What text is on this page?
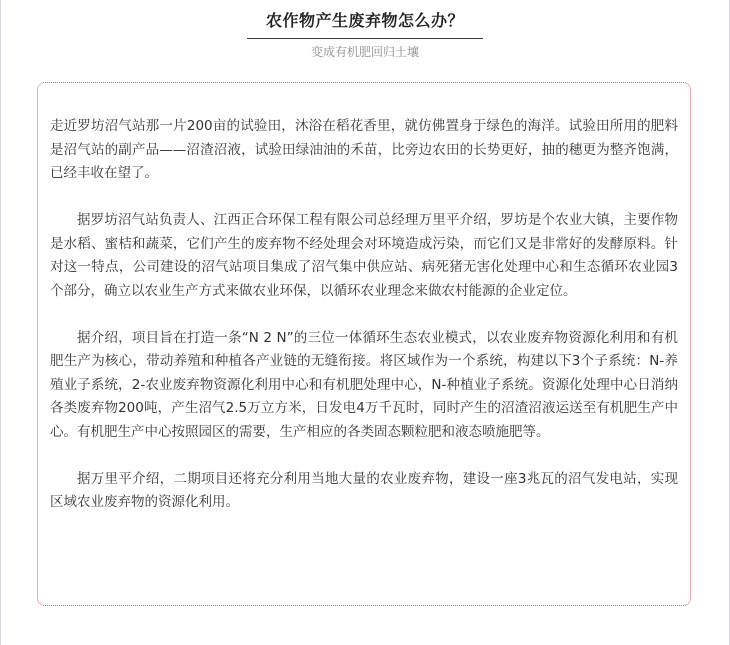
农作物产生废弃物怎么办？
变成有机肥回归土壤

走近罗坊沼气站那一片200亩的试验田，沐浴在稻花香里，就仿佛置身于绿色的海洋。试验田所用的肥料是沼气站的副产品——沼渣沼液，试验田绿油油的禾苗，比旁边农田的长势更好，抽的穗更为整齐饱满，已经丰收在望了。

据罗坊沼气站负责人、江西正合环保工程有限公司总经理万里平介绍，罗坊是个农业大镇，主要作物是水稻、蜜桔和蔬菜，它们产生的废弃物不经处理会对环境造成污染，而它们又是非常好的发酵原料。针对这一特点，公司建设的沼气站项目集成了沼气集中供应站、病死猪无害化处理中心和生态循环农业园3个部分，确立以农业生产方式来做农业环保，以循环农业理念来做农村能源的企业定位。

据介绍，项目旨在打造一条“N 2 N”的三位一体循环生态农业模式，以农业废弃物资源化利用和有机肥生产为核心，带动养殖和种植各产业链的无缝衔接。将区域作为一个系统，构建以下3个子系统：N-养殖业子系统，2-农业废弃物资源化利用中心和有机肥处理中心，N-种植业子系统。资源化处理中心日消纳各类废弃物200吨，产生沼气2.5万立方米，日发电4万千瓦时，同时产生的沼渣沼液运送至有机肥生产中心。有机肥生产中心按照园区的需要，生产相应的各类固态颗粒肥和液态喷施肥等。

据万里平介绍，二期项目还将充分利用当地大量的农业废弃物，建设一座3兆瓦的沼气发电站，实现区域农业废弃物的资源化利用。
